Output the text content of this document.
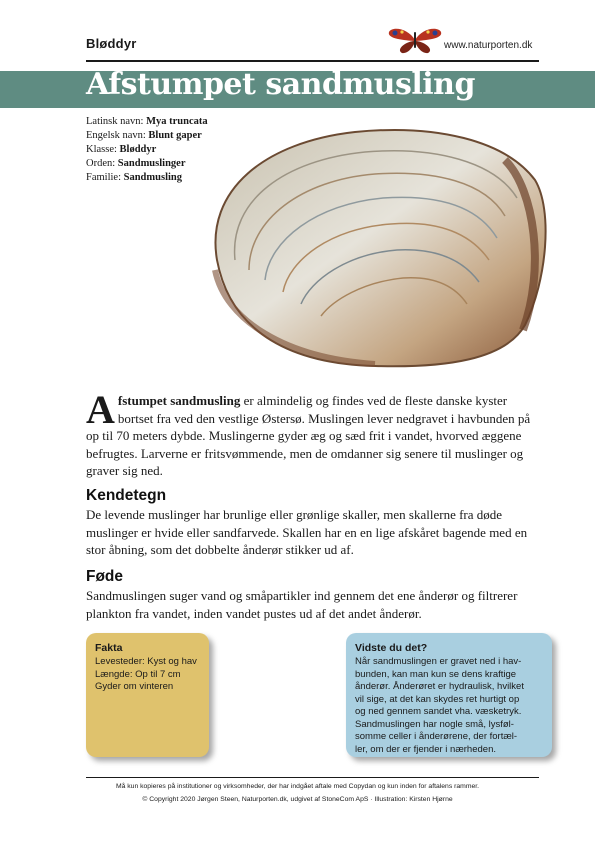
Bløddyr	www.naturporten.dk
Afstumpet sandmusling
Latinsk navn: Mya truncata
Engelsk navn: Blunt gaper
Klasse: Bløddyr
Orden: Sandmuslinger
Familie: Sandmusling
Afstumpet sandmusling er almindelig og findes ved de fleste danske kyster bortset fra ved den vestlige Østersø. Muslingen lever nedgravet i havbunden på op til 70 meters dybde. Muslingerne gyder æg og sæd frit i vandet, hvorved æggene befrugtes. Larverne er fritsvømmende, men de omdanner sig senere til muslinger og graver sig ned.
Kendetegn
De levende muslinger har brunlige eller grønlige skaller, men skallerne fra døde muslinger er hvide eller sandfarvede. Skallen har en en lige afskåret bagende med en stor åbning, som det dobbelte ånderør stikker ud af.
Føde
Sandmuslingen suger vand og småpartikler ind gennem det ene ånderør og filtrerer plankton fra vandet, inden vandet pustes ud af det andet ånderør.
Fakta
Levesteder: Kyst og hav
Længde: Op til 7 cm
Gyder om vinteren
Vidste du det?
Når sandmuslingen er gravet ned i hav-
bunden, kan man kun se dens kraftige
ånderør. Ånderøret er hydraulisk, hvilket
vil sige, at det kan skydes ret hurtigt op
og ned gennem sandet vha. væsketryk.
Sandmuslingen har nogle små, lysføl-
somme celler i ånderørene, der fortæl-
ler, om der er fjender i nærheden.
Må kun kopieres på institutioner og virksomheder, der har indgået aftale med Copydan og kun inden for aftalens rammer.
© Copyright 2020 Jørgen Steen, Naturporten.dk, udgivet af StoneCom ApS · Illustration: Kirsten Hjørne
